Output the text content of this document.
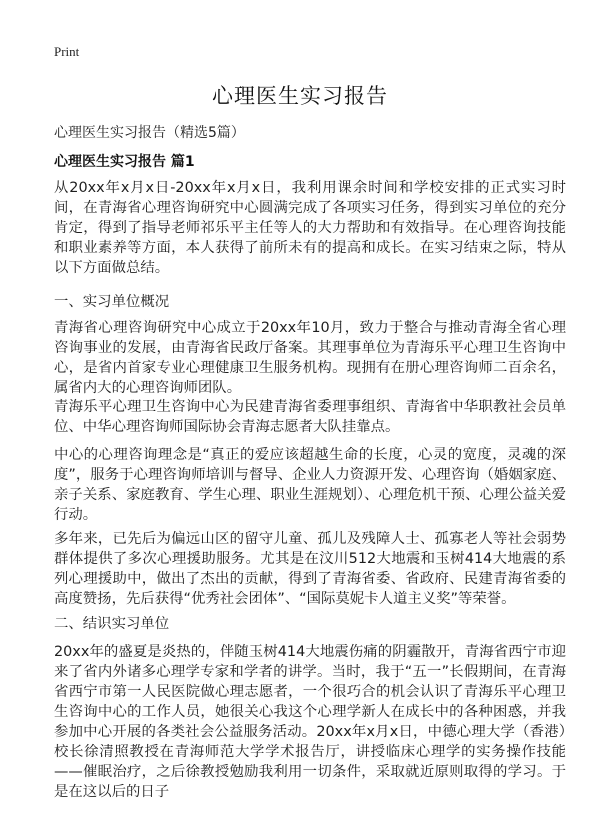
Print
心理医生实习报告
心理医生实习报告（精选5篇）
心理医生实习报告 篇1

从20xx年x月x日-20xx年x月x日，我利用课余时间和学校安排的正式实习时间，在青海省心理咨询研究中心圆满完成了各项实习任务，得到实习单位的充分肯定，得到了指导老师祁乐平主任等人的大力帮助和有效指导。在心理咨询技能和职业素养等方面，本人获得了前所未有的提高和成长。在实习结束之际，特从以下方面做总结。

一、实习单位概况

青海省心理咨询研究中心成立于20xx年10月，致力于整合与推动青海全省心理咨询事业的发展，由青海省民政厅备案。其理事单位为青海乐平心理卫生咨询中心，是省内首家专业心理健康卫生服务机构。现拥有在册心理咨询师二百余名，属省内大的心理咨询师团队。

青海乐平心理卫生咨询中心为民建青海省委理事组织、青海省中华职教社会员单位、中华心理咨询师国际协会青海志愿者大队挂靠点。

中心的心理咨询理念是“真正的爱应该超越生命的长度，心灵的宽度，灵魂的深度”，服务于心理咨询师培训与督导、企业人力资源开发、心理咨询（婚姻家庭、亲子关系、家庭教育、学生心理、职业生涯规划）、心理危机干预、心理公益关爱行动。

多年来，已先后为偏远山区的留守儿童、孤儿及残障人士、孤寡老人等社会弱势群体提供了多次心理援助服务。尤其是在汶川512大地震和玉树414大地震的系列心理援助中，做出了杰出的贡献，得到了青海省委、省政府、民建青海省委的高度赞扬，先后获得“优秀社会团体”、“国际莫妮卡人道主义奖”等荣誉。

二、结识实习单位

20xx年的盛夏是炎热的，伴随玉树414大地震伤痛的阴霾散开，青海省西宁市迎来了省内外诸多心理学专家和学者的讲学。当时，我于“五一”长假期间，在青海省西宁市第一人民医院做心理志愿者，一个很巧合的机会认识了青海乐平心理卫生咨询中心的工作人员，她很关心我这个心理学新人在成长中的各种困惑，并我参加中心开展的各类社会公益服务活动。20xx年x月x日，中德心理大学（香港）校长徐清照教授在青海师范大学学术报告厅，讲授临床心理学的实务操作技能——催眠治疗，之后徐教授勉励我利用一切条件，采取就近原则取得的学习。于是在这以后的日子
